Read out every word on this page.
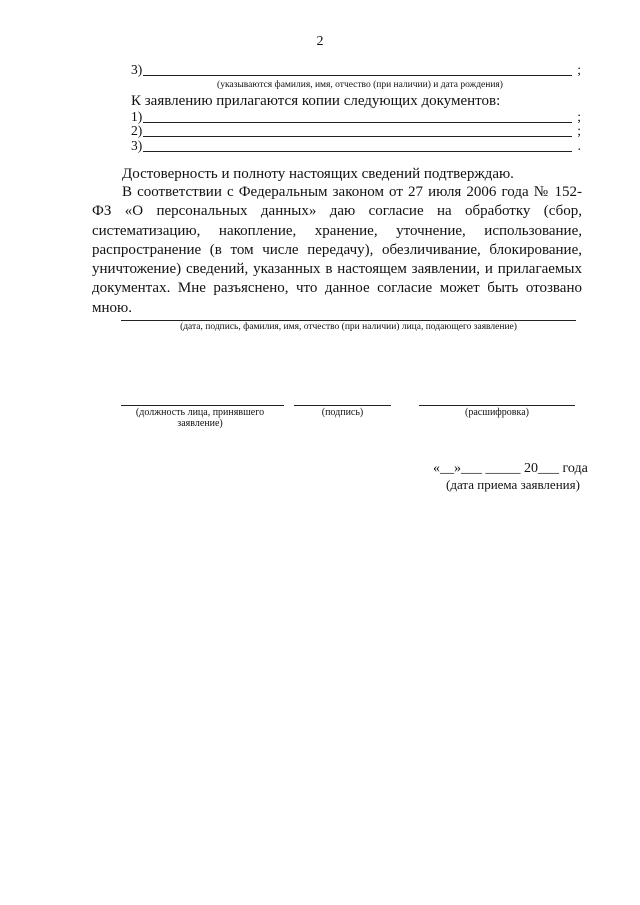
2
3)	;
(указываются фамилия, имя, отчество (при наличии) и дата рождения)
К заявлению прилагаются копии следующих документов:
1)	;
2)	;
3)	.
Достоверность и полноту настоящих сведений подтверждаю.

В соответствии с Федеральным законом от 27 июля 2006 года № 152-ФЗ «О персональных данных» даю согласие на обработку (сбор, систематизацию, накопление, хранение, уточнение, использование, распространение (в том числе передачу), обезличивание, блокирование, уничтожение) сведений, указанных в настоящем заявлении, и прилагаемых документах. Мне разъяснено, что данное согласие может быть отозвано мною.

(дата, подпись, фамилия, имя, отчество (при наличии) лица, подающего заявление)
(должность лица, принявшего заявление)
(подпись)	(расшифровка)
«__»___ _____ 20___ года
(дата приема заявления)
